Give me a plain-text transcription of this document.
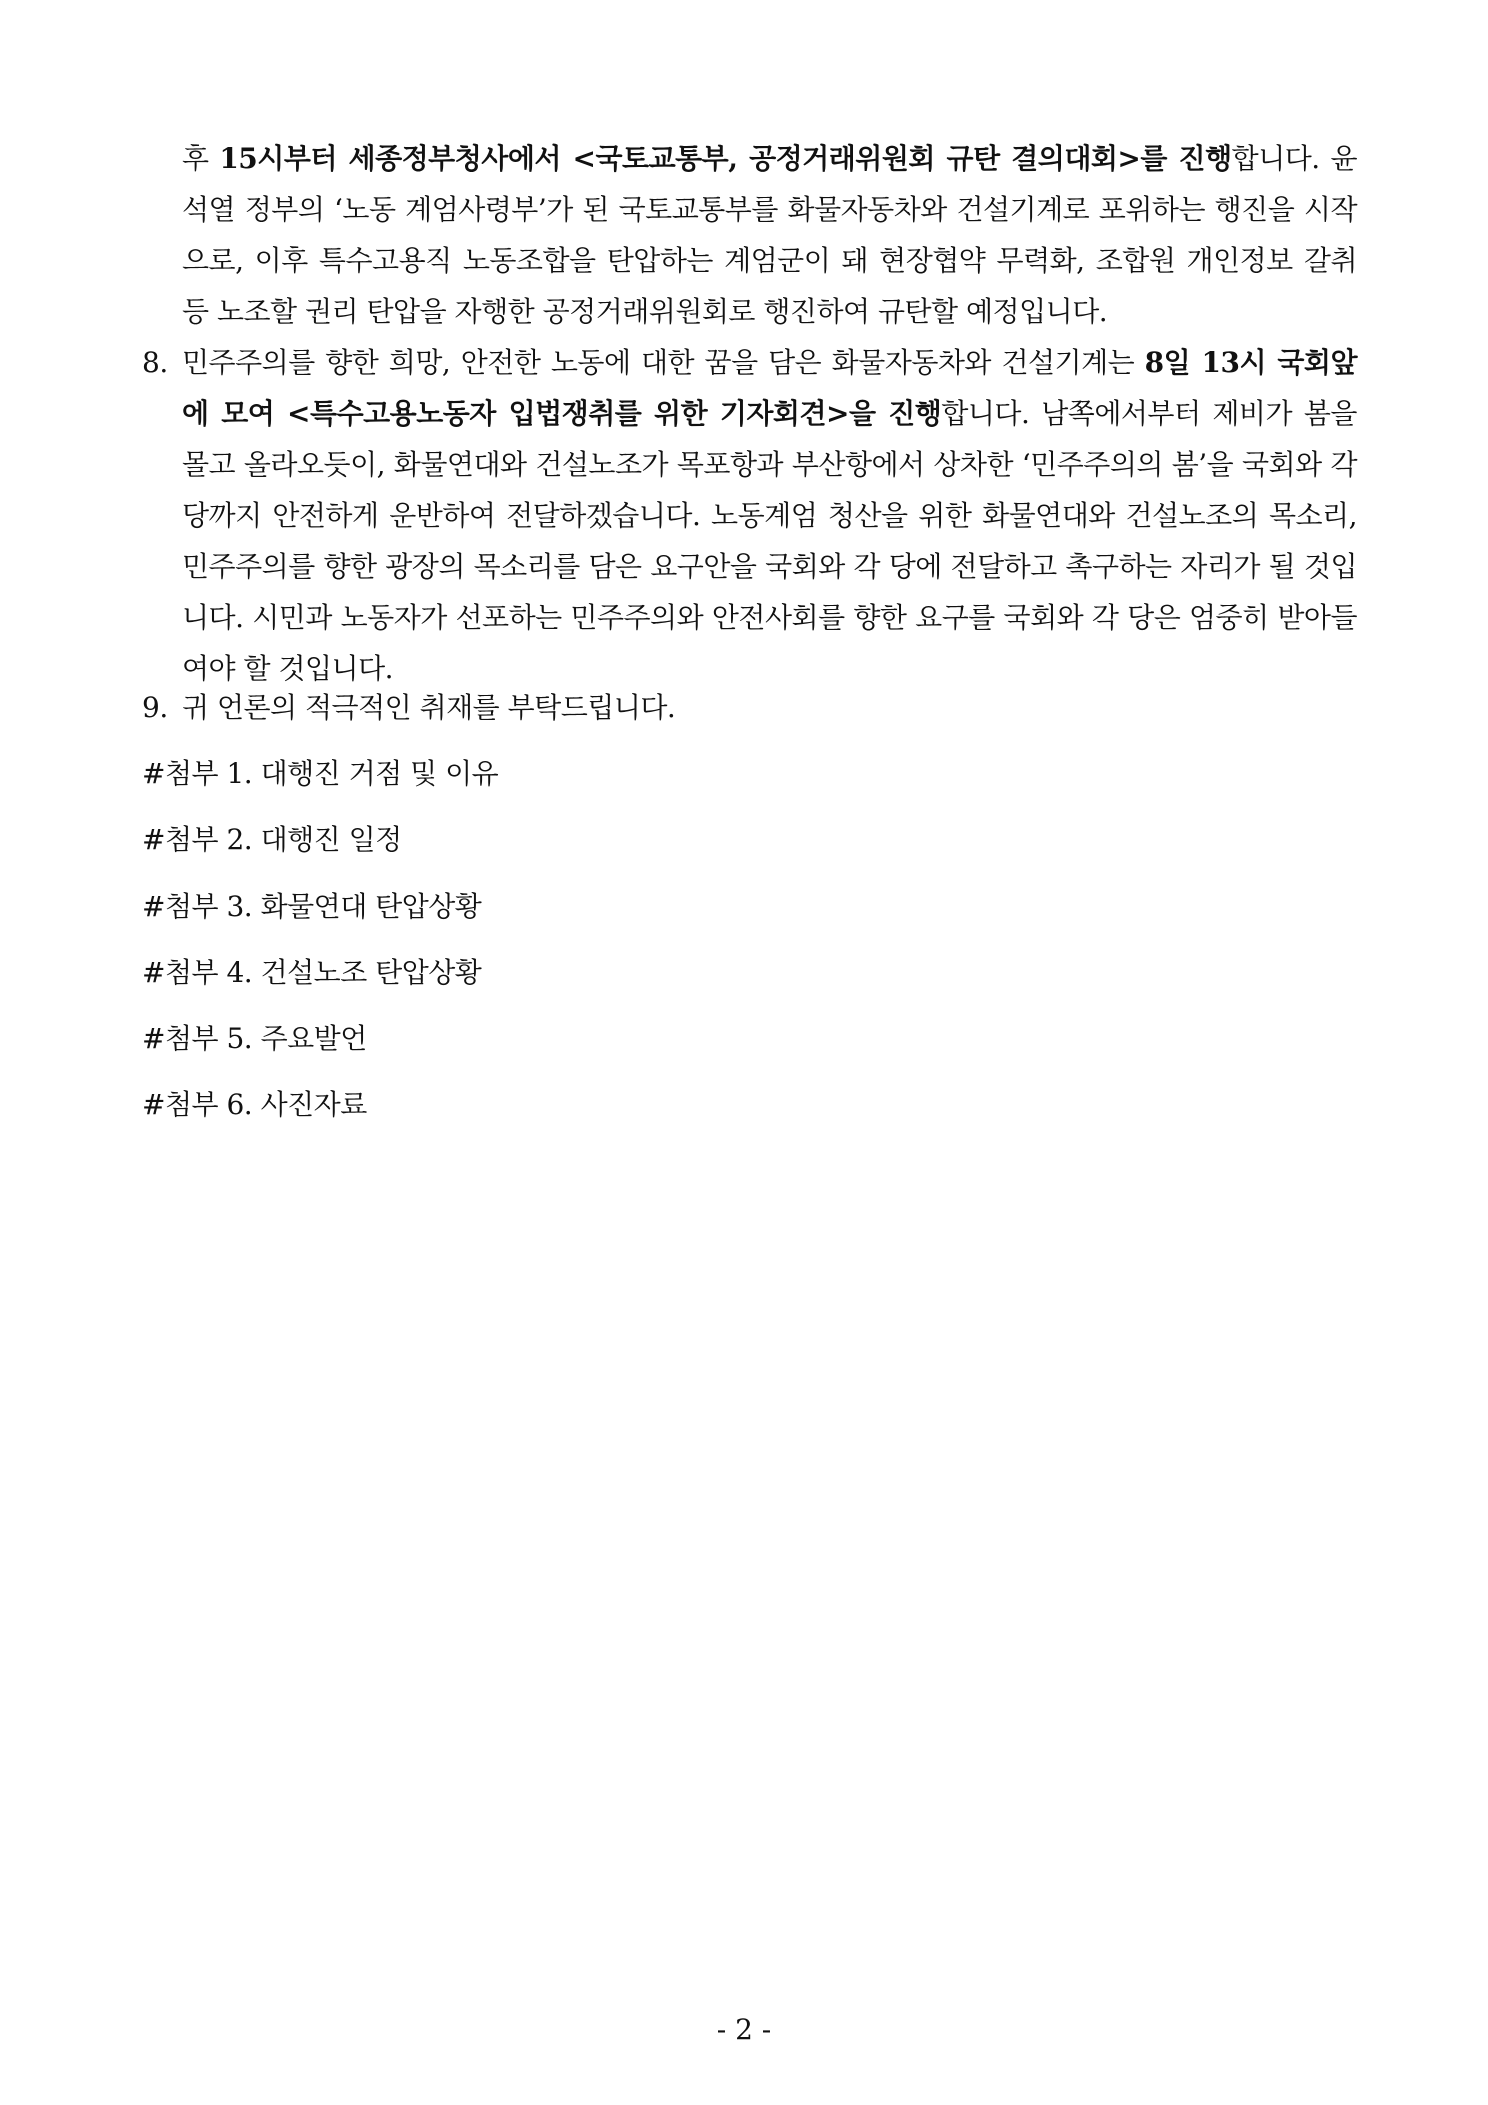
후 15시부터 세종정부청사에서 <국토교통부, 공정거래위원회 규탄 결의대회>를 진행합니다. 윤석열 정부의 ‘노동 계엄사령부’가 된 국토교통부를 화물자동차와 건설기계로 포위하는 행진을 시작으로, 이후 특수고용직 노동조합을 탄압하는 계엄군이 돼 현장협약 무력화, 조합원 개인정보 갈취 등 노조할 권리 탄압을 자행한 공정거래위원회로 행진하여 규탄할 예정입니다.
8. 민주주의를 향한 희망, 안전한 노동에 대한 꿈을 담은 화물자동차와 건설기계는 8일 13시 국회앞에 모여 <특수고용노동자 입법쟁취를 위한 기자회견>을 진행합니다. 남쪽에서부터 제비가 봄을 몰고 올라오듯이, 화물연대와 건설노조가 목포항과 부산항에서 상차한 ‘민주주의의 봄’을 국회와 각 당까지 안전하게 운반하여 전달하겠습니다. 노동계엄 청산을 위한 화물연대와 건설노조의 목소리, 민주주의를 향한 광장의 목소리를 담은 요구안을 국회와 각 당에 전달하고 촉구하는 자리가 될 것입니다. 시민과 노동자가 선포하는 민주주의와 안전사회를 향한 요구를 국회와 각 당은 엄중히 받아들여야 할 것입니다.
9. 귀 언론의 적극적인 취재를 부탁드립니다.
#첨부 1. 대행진 거점 및 이유
#첨부 2. 대행진 일정
#첨부 3. 화물연대 탄압상황
#첨부 4. 건설노조 탄압상황
#첨부 5. 주요발언
#첨부 6. 사진자료
- 2 -
